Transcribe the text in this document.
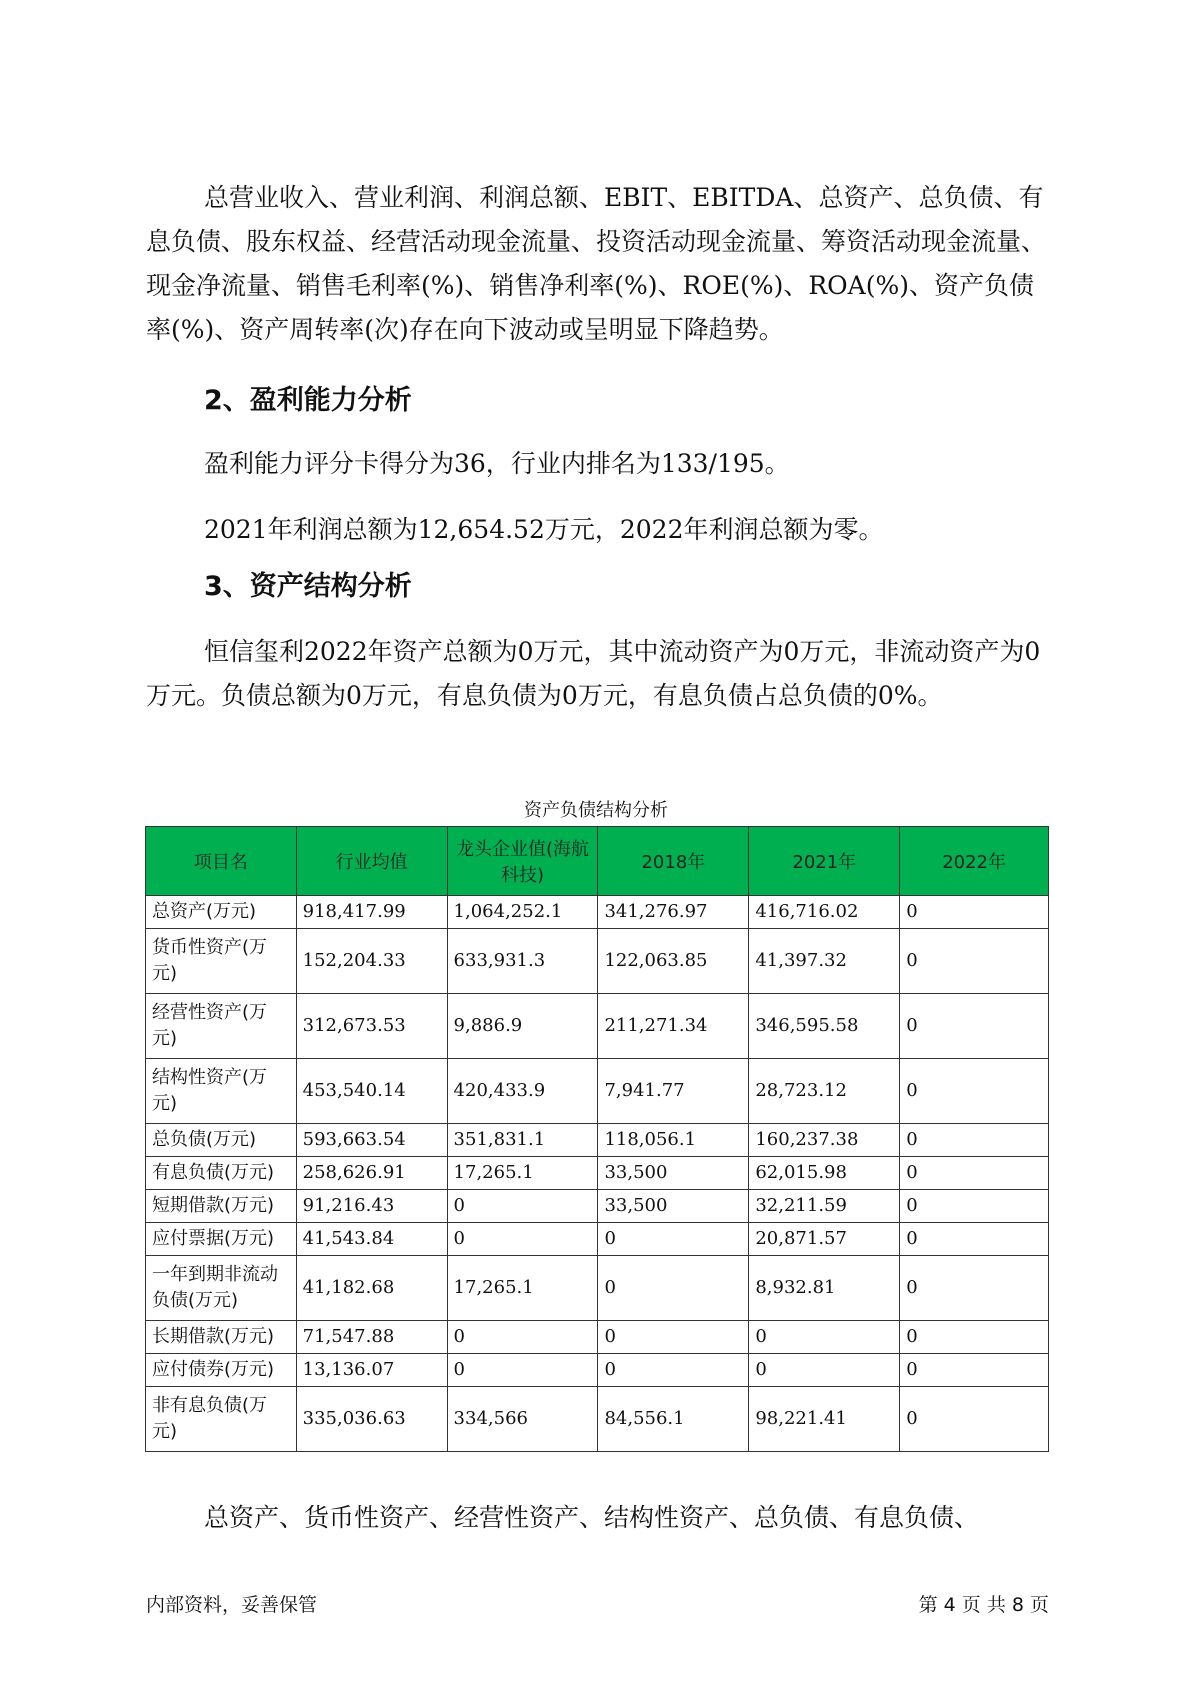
总营业收入、营业利润、利润总额、EBIT、EBITDA、总资产、总负债、有息负债、股东权益、经营活动现金流量、投资活动现金流量、筹资活动现金流量、现金净流量、销售毛利率(%)、销售净利率(%)、ROE(%)、ROA(%)、资产负债率(%)、资产周转率(次)存在向下波动或呈明显下降趋势。

2、盈利能力分析

盈利能力评分卡得分为36，行业内排名为133/195。

2021年利润总额为12,654.52万元，2022年利润总额为零。

3、资产结构分析

恒信玺利2022年资产总额为0万元，其中流动资产为0万元，非流动资产为0万元。负债总额为0万元，有息负债为0万元，有息负债占总负债的0%。

资产负债结构分析
项目名	行业均值	龙头企业值(海航科技)	2018年	2021年	2022年
总资产(万元)	918,417.99	1,064,252.1	341,276.97	416,716.02	0
货币性资产(万元)	152,204.33	633,931.3	122,063.85	41,397.32	0
经营性资产(万元)	312,673.53	9,886.9	211,271.34	346,595.58	0
结构性资产(万元)	453,540.14	420,433.9	7,941.77	28,723.12	0
总负债(万元)	593,663.54	351,831.1	118,056.1	160,237.38	0
有息负债(万元)	258,626.91	17,265.1	33,500	62,015.98	0
短期借款(万元)	91,216.43	0	33,500	32,211.59	0
应付票据(万元)	41,543.84	0	0	20,871.57	0
一年到期非流动负债(万元)	41,182.68	17,265.1	0	8,932.81	0
长期借款(万元)	71,547.88	0	0	0	0
应付债券(万元)	13,136.07	0	0	0	0
非有息负债(万元)	335,036.63	334,566	84,556.1	98,221.41	0

总资产、货币性资产、经营性资产、结构性资产、总负债、有息负债、

内部资料，妥善保管	第 4 页 共 8 页
